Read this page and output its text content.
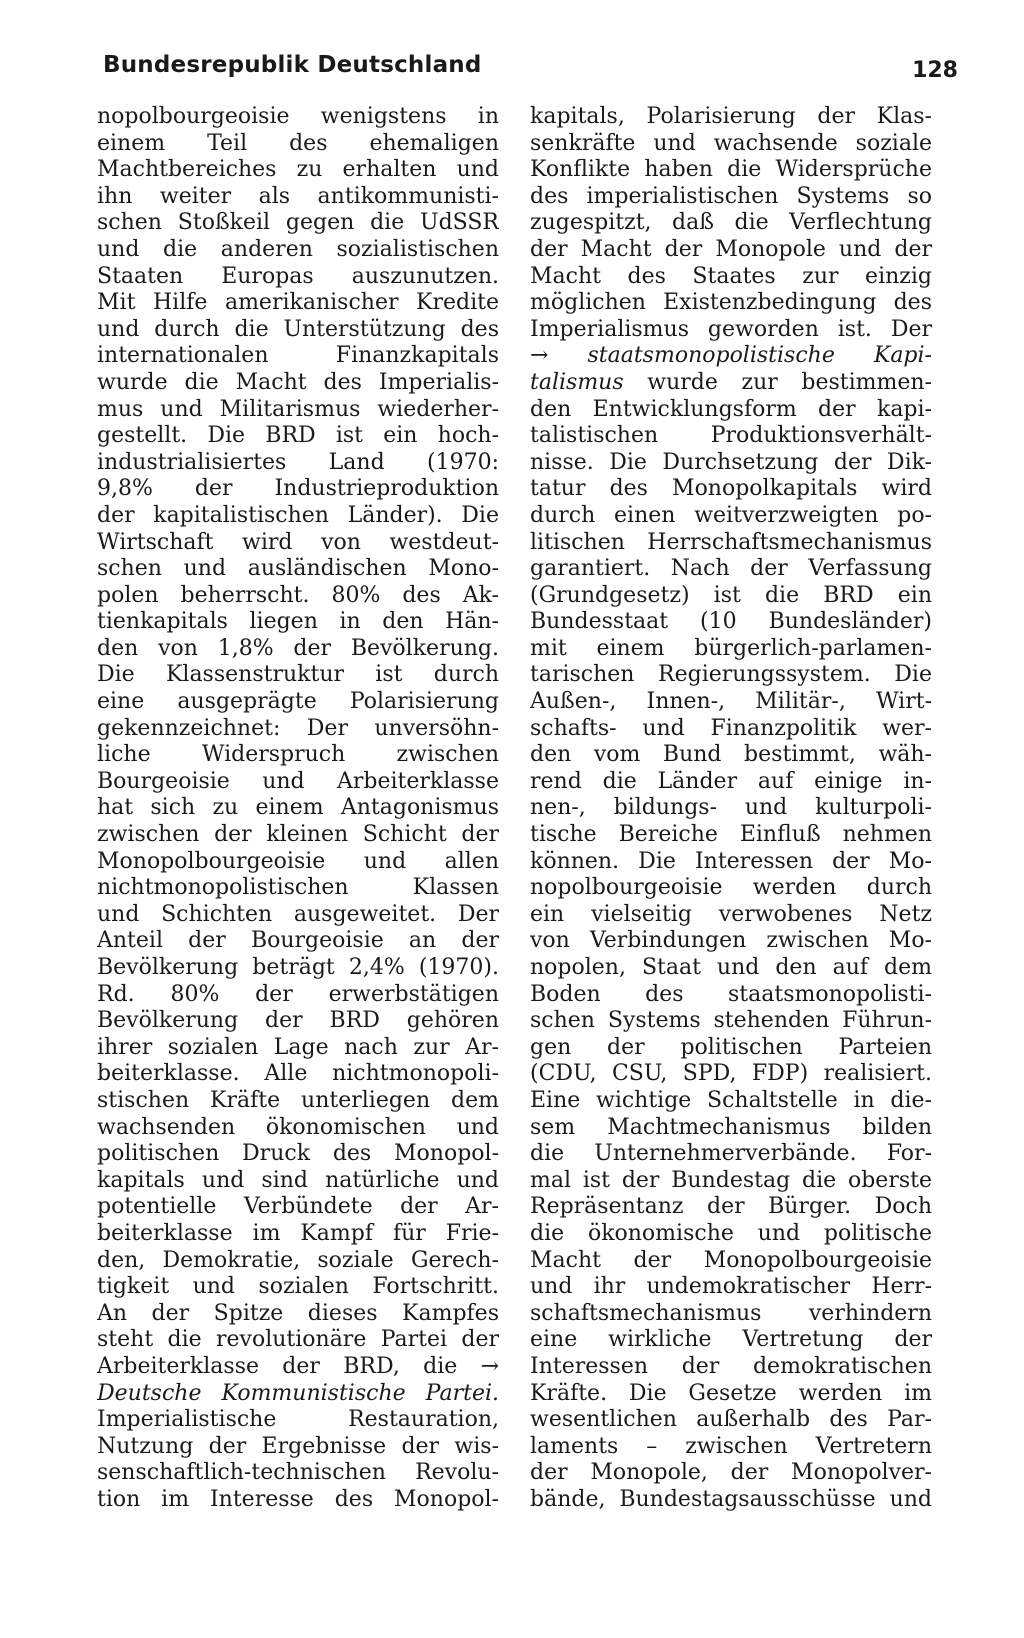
Bundesrepublik Deutschland	128
nopolbourgeoisie wenigstens in
einem Teil des ehemaligen
Machtbereiches zu erhalten und
ihn weiter als antikommunisti-
schen Stoßkeil gegen die UdSSR
und die anderen sozialistischen
Staaten Europas auszunutzen.
Mit Hilfe amerikanischer Kredite
und durch die Unterstützung des
internationalen Finanzkapitals
wurde die Macht des Imperialis-
mus und Militarismus wiederher-
gestellt. Die BRD ist ein hoch-
industrialisiertes Land (1970:
9,8% der Industrieproduktion
der kapitalistischen Länder). Die
Wirtschaft wird von westdeut-
schen und ausländischen Mono-
polen beherrscht. 80% des Ak-
tienkapitals liegen in den Hän-
den von 1,8% der Bevölkerung.
Die Klassenstruktur ist durch
eine ausgeprägte Polarisierung
gekennzeichnet: Der unversöhn-
liche Widerspruch zwischen
Bourgeoisie und Arbeiterklasse
hat sich zu einem Antagonismus
zwischen der kleinen Schicht der
Monopolbourgeoisie und allen
nichtmonopolistischen Klassen
und Schichten ausgeweitet. Der
Anteil der Bourgeoisie an der
Bevölkerung beträgt 2,4% (1970).
Rd. 80% der erwerbstätigen
Bevölkerung der BRD gehören
ihrer sozialen Lage nach zur Ar-
beiterklasse. Alle nichtmonopoli-
stischen Kräfte unterliegen dem
wachsenden ökonomischen und
politischen Druck des Monopol-
kapitals und sind natürliche und
potentielle Verbündete der Ar-
beiterklasse im Kampf für Frie-
den, Demokratie, soziale Gerech-
tigkeit und sozialen Fortschritt.
An der Spitze dieses Kampfes
steht die revolutionäre Partei der
Arbeiterklasse der BRD, die →
Deutsche Kommunistische Partei.
Imperialistische Restauration,
Nutzung der Ergebnisse der wis-
senschaftlich-technischen Revolu-
tion im Interesse des Monopol-
kapitals, Polarisierung der Klas-
senkräfte und wachsende soziale
Konflikte haben die Widersprüche
des imperialistischen Systems so
zugespitzt, daß die Verflechtung
der Macht der Monopole und der
Macht des Staates zur einzig
möglichen Existenzbedingung des
Imperialismus geworden ist. Der
→ staatsmonopolistische Kapi-
talismus wurde zur bestimmen-
den Entwicklungsform der kapi-
talistischen Produktionsverhält-
nisse. Die Durchsetzung der Dik-
tatur des Monopolkapitals wird
durch einen weitverzweigten po-
litischen Herrschaftsmechanismus
garantiert. Nach der Verfassung
(Grundgesetz) ist die BRD ein
Bundesstaat (10 Bundesländer)
mit einem bürgerlich-parlamen-
tarischen Regierungssystem. Die
Außen-, Innen-, Militär-, Wirt-
schafts- und Finanzpolitik wer-
den vom Bund bestimmt, wäh-
rend die Länder auf einige in-
nen-, bildungs- und kulturpoli-
tische Bereiche Einfluß nehmen
können. Die Interessen der Mo-
nopolbourgeoisie werden durch
ein vielseitig verwobenes Netz
von Verbindungen zwischen Mo-
nopolen, Staat und den auf dem
Boden des staatsmonopolisti-
schen Systems stehenden Führun-
gen der politischen Parteien
(CDU, CSU, SPD, FDP) realisiert.
Eine wichtige Schaltstelle in die-
sem Machtmechanismus bilden
die Unternehmerverbände. For-
mal ist der Bundestag die oberste
Repräsentanz der Bürger. Doch
die ökonomische und politische
Macht der Monopolbourgeoisie
und ihr undemokratischer Herr-
schaftsmechanismus verhindern
eine wirkliche Vertretung der
Interessen der demokratischen
Kräfte. Die Gesetze werden im
wesentlichen außerhalb des Par-
laments – zwischen Vertretern
der Monopole, der Monopolver-
bände, Bundestagsausschüsse und
